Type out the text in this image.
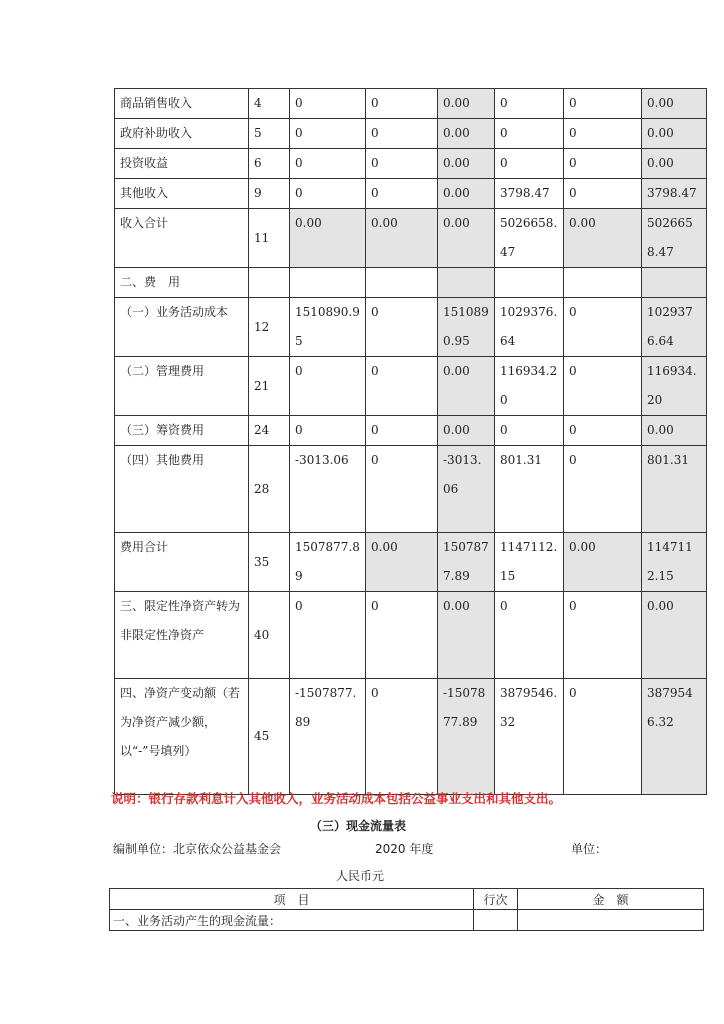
商品销售收入	4	0	0	0.00	0	0	0.00
政府补助收入	5	0	0	0.00	0	0	0.00
投资收益	6	0	0	0.00	0	0	0.00
其他收入	9	0	0	0.00	3798.47	0	3798.47
收入合计	11	0.00	0.00	0.00	5026658.47	0.00	5026658.47
二、费　用							
（一）业务活动成本	12	1510890.95	0	1510890.95	1029376.64	0	1029376.64
（二）管理费用	21	0	0	0.00	116934.20	0	116934.20
（三）筹资费用	24	0	0	0.00	0	0	0.00
（四）其他费用	28	-3013.06	0	-3013.06	801.31	0	801.31
费用合计	35	1507877.89	0.00	1507877.89	1147112.15	0.00	1147112.15
三、限定性净资产转为非限定性净资产	40	0	0	0.00	0	0	0.00
四、净资产变动额（若为净资产减少额，以“-”号填列）	45	-1507877.89	0	-1507877.89	3879546.32	0	3879546.32
说明：银行存款利息计入其他收入，业务活动成本包括公益事业支出和其他支出。
（三）现金流量表
编制单位：北京依众公益基金会	2020 年度	单位：
人民币元
项　目	行次	金　额
一、业务活动产生的现金流量：		
